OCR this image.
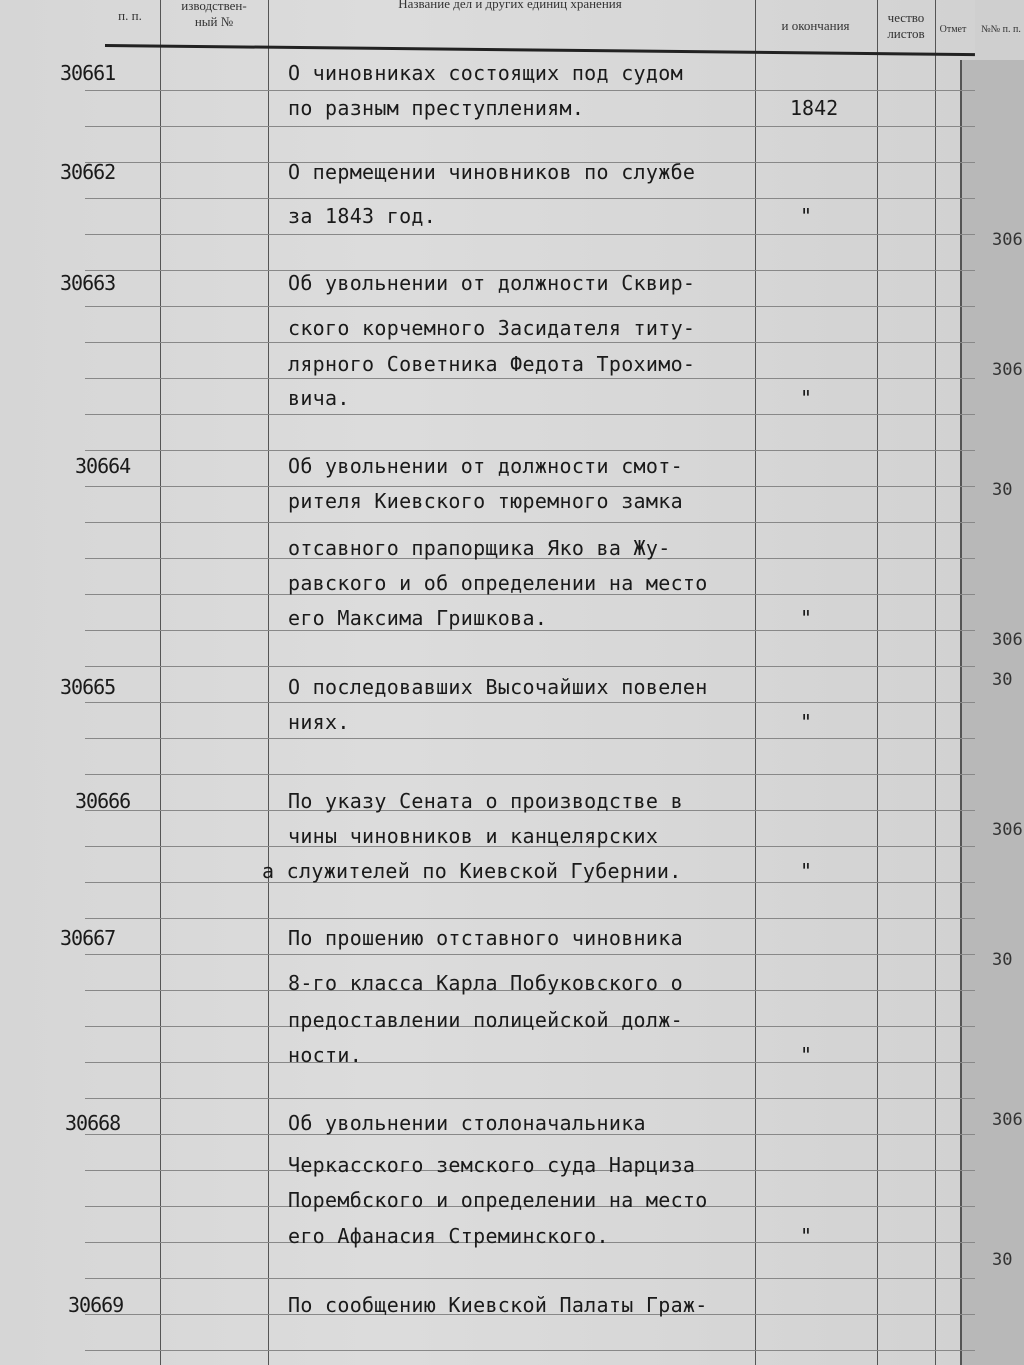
306
306
30
306
30
306
30
306
30
п. п.
изводствен-
ный №
Название дел и других единиц хранения
и окончания
чество
листов	Отмет	№№ п. п.
30661	О чиновниках состоящих под судом
по разным преступлениям.	1842
30662	О пермещении чиновников по службе
за 1843 год.	"
30663	Об увольнении от должности Сквир-
ского корчемного Засидателя титу-
лярного Советника Федота Трохимо-
вича.	"
30664	Об увольнении от должности смот-
рителя Киевского тюремного замка
отсавного прапорщика Яко ва Жу-
равского и об определении на место
его Максима Гришкова.	"
30665	О последовавших Высочайших повелен
ниях.	"
30666	По указу Сената о производстве в
чины чиновников и канцелярских
а служителей по Киевской Губернии.	"
30667	По прошению отставного чиновника
8-го класса Карла Побуковского о
предоставлении полицейской долж-
ности.	"
30668	Об увольнении столоначальника
Черкасского земского суда Нарциза
Порембского и определении на место
его Афанасия Стреминского.	"
30669	По сообщению Киевской Палаты Граж-
